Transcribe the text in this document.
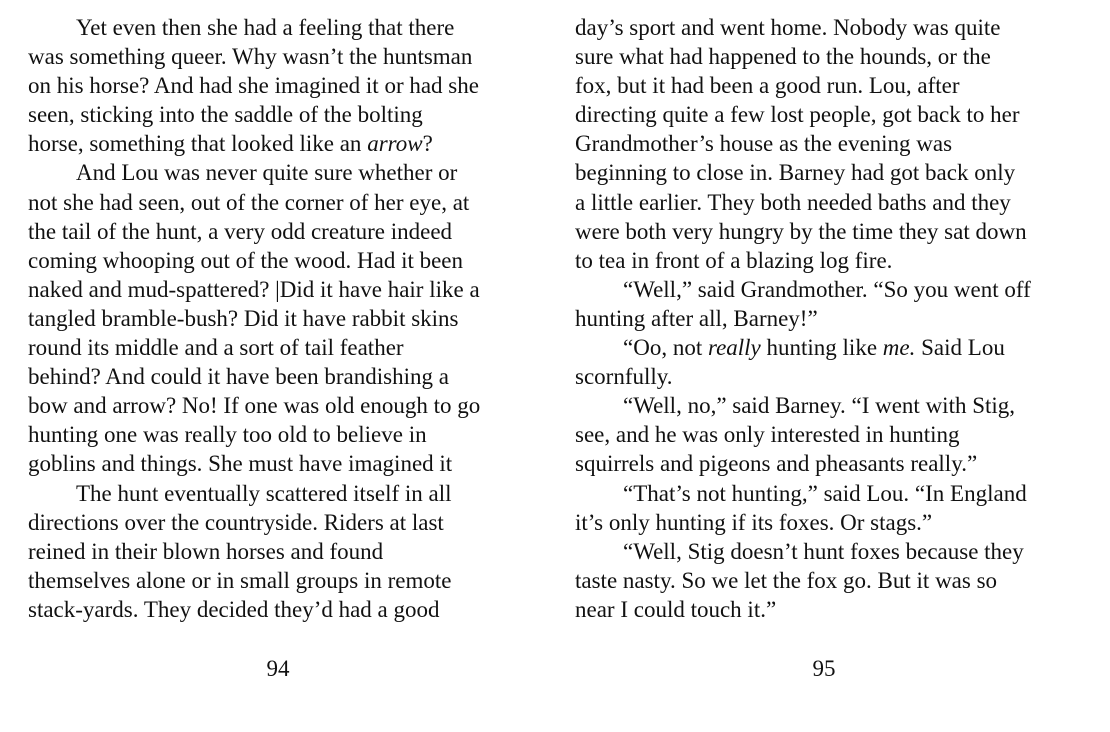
Yet even then she had a feeling that there
was something queer. Why wasn’t the huntsman
on his horse? And had she imagined it or had she
seen, sticking into the saddle of the bolting
horse, something that looked like an arrow?
And Lou was never quite sure whether or
not she had seen, out of the corner of her eye, at
the tail of the hunt, a very odd creature indeed
coming whooping out of the wood. Had it been
naked and mud-spattered? |Did it have hair like a
tangled bramble-bush? Did it have rabbit skins
round its middle and a sort of tail feather
behind? And could it have been brandishing a
bow and arrow? No! If one was old enough to go
hunting one was really too old to believe in
goblins and things. She must have imagined it
The hunt eventually scattered itself in all
directions over the countryside. Riders at last
reined in their blown horses and found
themselves alone or in small groups in remote
stack-yards. They decided they’d had a good
day’s sport and went home. Nobody was quite
sure what had happened to the hounds, or the
fox, but it had been a good run. Lou, after
directing quite a few lost people, got back to her
Grandmother’s house as the evening was
beginning to close in. Barney had got back only
a little earlier. They both needed baths and they
were both very hungry by the time they sat down
to tea in front of a blazing log fire.
“Well,” said Grandmother. “So you went off
hunting after all, Barney!”
“Oo, not really hunting like me. Said Lou
scornfully.
“Well, no,” said Barney. “I went with Stig,
see, and he was only interested in hunting
squirrels and pigeons and pheasants really.”
“That’s not hunting,” said Lou. “In England
it’s only hunting if its foxes. Or stags.”
“Well, Stig doesn’t hunt foxes because they
taste nasty. So we let the fox go. But it was so
near I could touch it.”
94	95
